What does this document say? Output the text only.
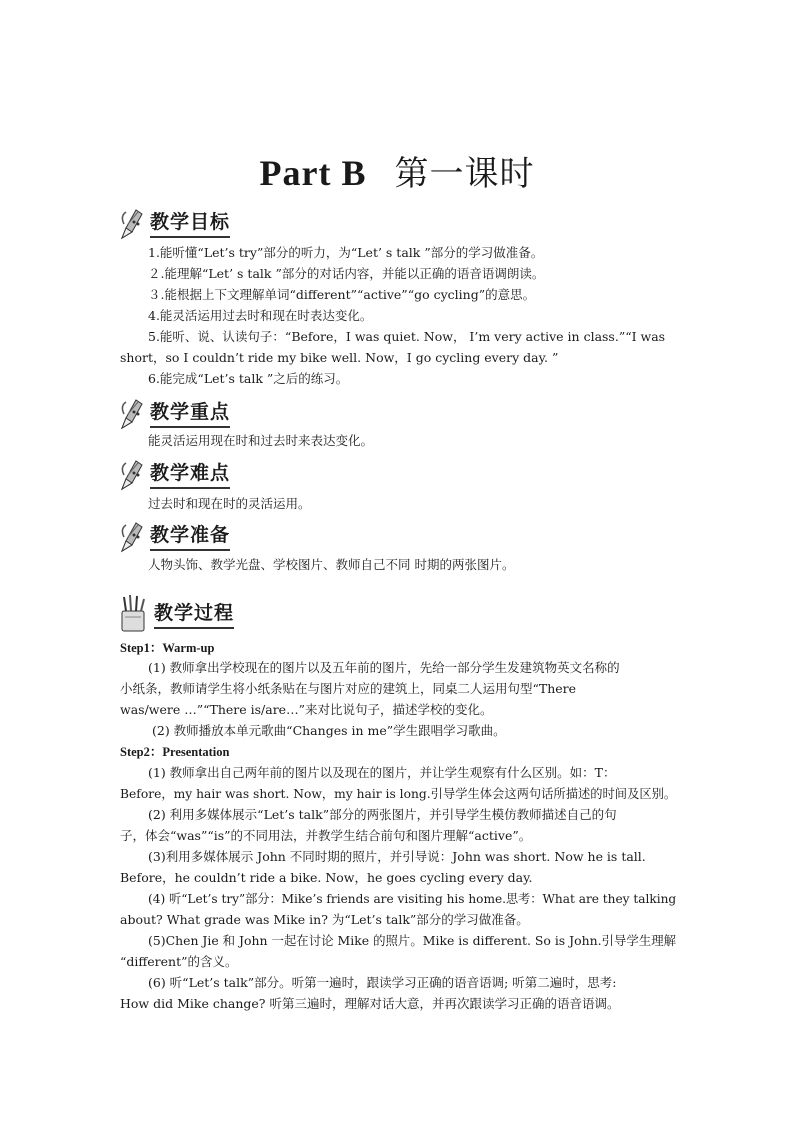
Part B 第一课时
教学目标
1.能听懂“Let’s try”部分的听力，为“Let’ s talk ”部分的学习做准备。
２.能理解“Let’ s talk ”部分的对话内容，并能以正确的语音语调朗读。
３.能根据上下文理解单词“different”“active”“go cycling”的意思。
4.能灵活运用过去时和现在时表达变化。
5.能听、说、认读句子：“Before，I was quiet. Now， I’m very active in class.”“I was
short，so I couldn’t ride my bike well. Now，I go cycling every day. ”
6.能完成“Let’s talk ”之后的练习。
教学重点
能灵活运用现在时和过去时来表达变化。
教学难点
过去时和现在时的灵活运用。
教学准备
人物头饰、教学光盘、学校图片、教师自己不同 时期的两张图片。
教学过程
Step1：Warm-up
(1) 教师拿出学校现在的图片以及五年前的图片，先给一部分学生发建筑物英文名称的
小纸条，教师请学生将小纸条贴在与图片对应的建筑上，同桌二人运用句型“There
was/were …”“There is/are…”来对比说句子，描述学校的变化。
(2) 教师播放本单元歌曲“Changes in me”学生跟唱学习歌曲。
Step2：Presentation
(1) 教师拿出自己两年前的图片以及现在的图片，并让学生观察有什么区别。如：T：
Before，my hair was short. Now，my hair is long.引导学生体会这两句话所描述的时间及区别。
(2) 利用多媒体展示“Let’s talk”部分的两张图片，并引导学生模仿教师描述自己的句
子，体会“was”“is”的不同用法，并教学生结合前句和图片理解“active”。
(3)利用多媒体展示 John 不同时期的照片，并引导说：John was short. Now he is tall.
Before，he couldn’t ride a bike. Now，he goes cycling every day.
(4) 听“Let’s try”部分：Mike’s friends are visiting his home.思考：What are they talking
about? What grade was Mike in? 为“Let’s talk”部分的学习做准备。
(5)Chen Jie 和 John 一起在讨论 Mike 的照片。Mike is different. So is John.引导学生理解
“different”的含义。
(6) 听“Let’s talk”部分。听第一遍时，跟读学习正确的语音语调; 听第二遍时，思考:
How did Mike change? 听第三遍时，理解对话大意，并再次跟读学习正确的语音语调。
